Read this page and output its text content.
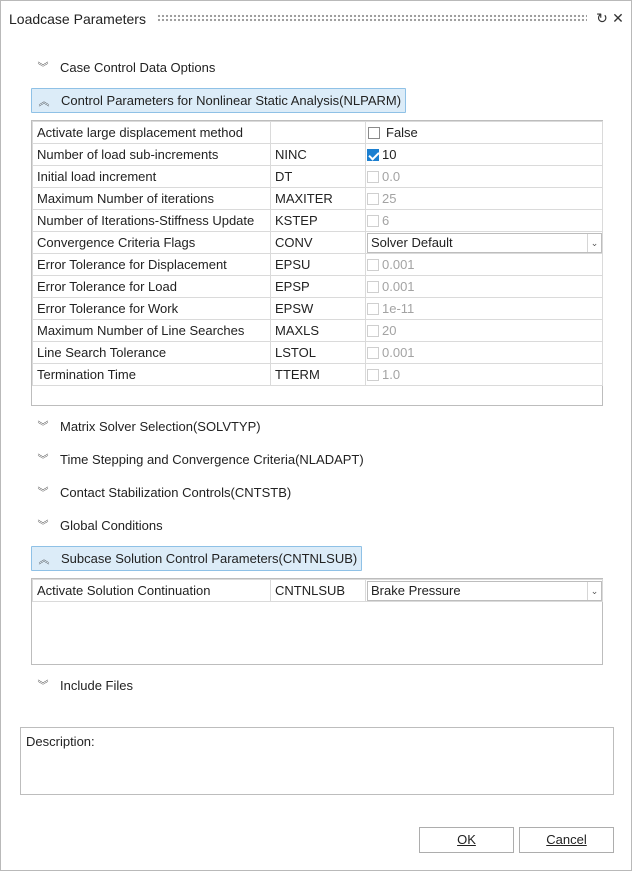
Loadcase Parameters	↻ ✕
︾ Case Control Data Options
︽ Control Parameters for Nonlinear Static Analysis(NLPARM)
Activate large displacement method		False
Number of load sub-increments	NINC	10
Initial load increment	DT	0.0
Maximum Number of iterations	MAXITER	25
Number of Iterations-Stiffness Update	KSTEP	6
Convergence Criteria Flags	CONV	Solver Default ⌄

Error Tolerance for Displacement	EPSU	0.001
Error Tolerance for Load	EPSP	0.001
Error Tolerance for Work	EPSW	1e-11
Maximum Number of Line Searches	MAXLS	20
Line Search Tolerance	LSTOL	0.001
Termination Time	TTERM	1.0
︾ Matrix Solver Selection(SOLVTYP)
︾ Time Stepping and Convergence Criteria(NLADAPT)
︾ Contact Stabilization Controls(CNTSTB)
︾ Global Conditions
︽ Subcase Solution Control Parameters(CNTNLSUB)
Activate Solution Continuation	CNTNLSUB	Brake Pressure	⌄
︾ Include Files
Description:
OK	Cancel
